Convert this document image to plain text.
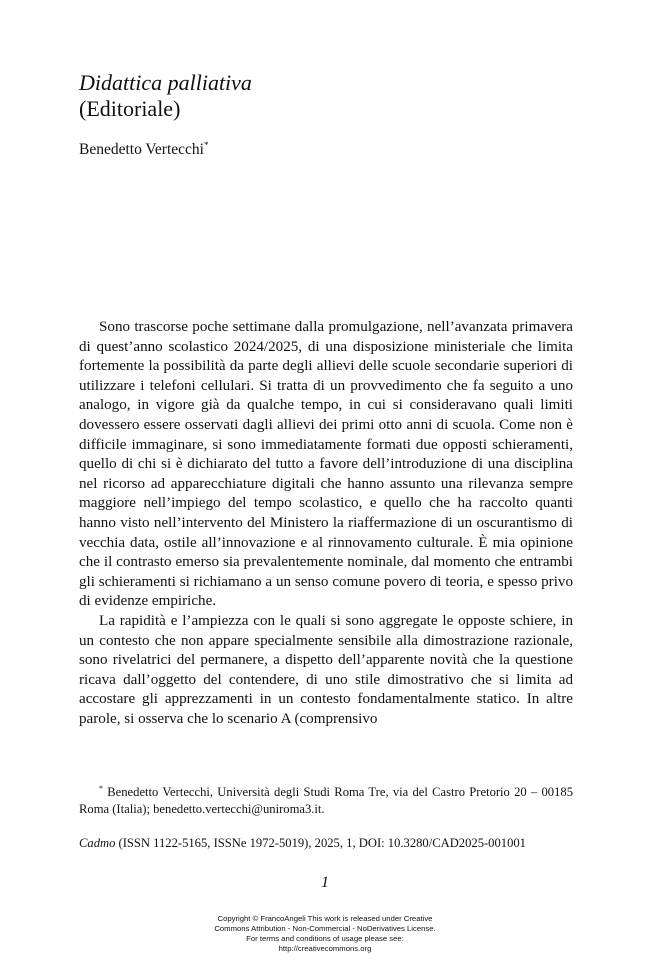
Didattica palliativa
(Editoriale)
Benedetto Vertecchi*

Sono trascorse poche settimane dalla promulgazione, nell’avanzata primavera di quest’anno scolastico 2024/2025, di una disposizione ministeriale che limita fortemente la possibilità da parte degli allievi delle scuole secondarie superiori di utilizzare i telefoni cellulari. Si tratta di un provvedimento che fa seguito a uno analogo, in vigore già da qualche tempo, in cui si consideravano quali limiti dovessero essere osservati dagli allievi dei primi otto anni di scuola. Come non è difficile immaginare, si sono immediatamente formati due opposti schieramenti, quello di chi si è dichiarato del tutto a favore dell’introduzione di una disciplina nel ricorso ad apparecchiature digitali che hanno assunto una rilevanza sempre maggiore nell’impiego del tempo scolastico, e quello che ha raccolto quanti hanno visto nell’intervento del Ministero la riaffermazione di un oscurantismo di vecchia data, ostile all’innovazione e al rinnovamento culturale. È mia opinione che il contrasto emerso sia prevalentemente nominale, dal momento che entrambi gli schieramenti si richiamano a un senso comune povero di teoria, e spesso privo di evidenze empiriche.

La rapidità e l’ampiezza con le quali si sono aggregate le opposte schiere, in un contesto che non appare specialmente sensibile alla dimostrazione razionale, sono rivelatrici del permanere, a dispetto dell’apparente novità che la questione ricava dall’oggetto del contendere, di uno stile dimostrativo che si limita ad accostare gli apprezzamenti in un contesto fondamentalmente statico. In altre parole, si osserva che lo scenario A (comprensivo

* Benedetto Vertecchi, Università degli Studi Roma Tre, via del Castro Pretorio 20 – 00185 Roma (Italia); benedetto.vertecchi@uniroma3.it.

Cadmo (ISSN 1122-5165, ISSNe 1972-5019), 2025, 1, DOI: 10.3280/CAD2025-001001
1
Copyright © FrancoAngeli This work is released under Creative
Commons Attribution - Non-Commercial - NoDerivatives License.
For terms and conditions of usage please see:
http://creativecommons.org
